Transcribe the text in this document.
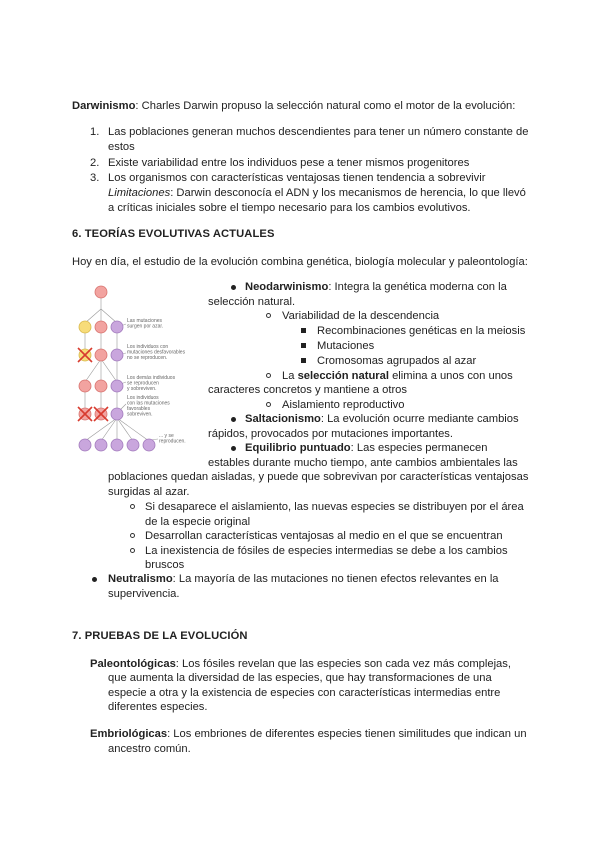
Darwinismo: Charles Darwin propuso la selección natural como el motor de la evolución:
1. Las poblaciones generan muchos descendientes para tener un número constante de
estos
2. Existe variabilidad entre los individuos pese a tener mismos progenitores
3. Los organismos con características ventajosas tienen tendencia a sobrevivir
Limitaciones: Darwin desconocía el ADN y los mecanismos de herencia, lo que llevó
a críticas iniciales sobre el tiempo necesario para los cambios evolutivos.
6. TEORÍAS EVOLUTIVAS ACTUALES
Hoy en día, el estudio de la evolución combina genética, biología molecular y paleontología:
Las mutaciones surgen por azar.
Los individuos con mutaciones desfavorables no se reproducen.
Los demás individuos se reproducen y sobreviven.
Los individuos con las mutaciones favorables sobreviven.
... y se reproducen.
Neodarwinismo: Integra la genética moderna con la
selección natural.
Variabilidad de la descendencia
Recombinaciones genéticas en la meiosis
Mutaciones
Cromosomas agrupados al azar
La selección natural elimina a unos con unos
caracteres concretos y mantiene a otros
Aislamiento reproductivo
Saltacionismo: La evolución ocurre mediante cambios
rápidos, provocados por mutaciones importantes.
Equilibrio puntuado: Las especies permanecen
estables durante mucho tiempo, ante cambios ambientales las
poblaciones quedan aisladas, y puede que sobrevivan por características ventajosas
surgidas al azar.
Si desaparece el aislamiento, las nuevas especies se distribuyen por el área
de la especie original
Desarrollan características ventajosas al medio en el que se encuentran
La inexistencia de fósiles de especies intermedias se debe a los cambios
bruscos
Neutralismo: La mayoría de las mutaciones no tienen efectos relevantes en la
supervivencia.
7. PRUEBAS DE LA EVOLUCIÓN
Paleontológicas: Los fósiles revelan que las especies son cada vez más complejas,
que aumenta la diversidad de las especies, que hay transformaciones de una
especie a otra y la existencia de especies con características intermedias entre
diferentes especies.
Embriológicas: Los embriones de diferentes especies tienen similitudes que indican un
ancestro común.
